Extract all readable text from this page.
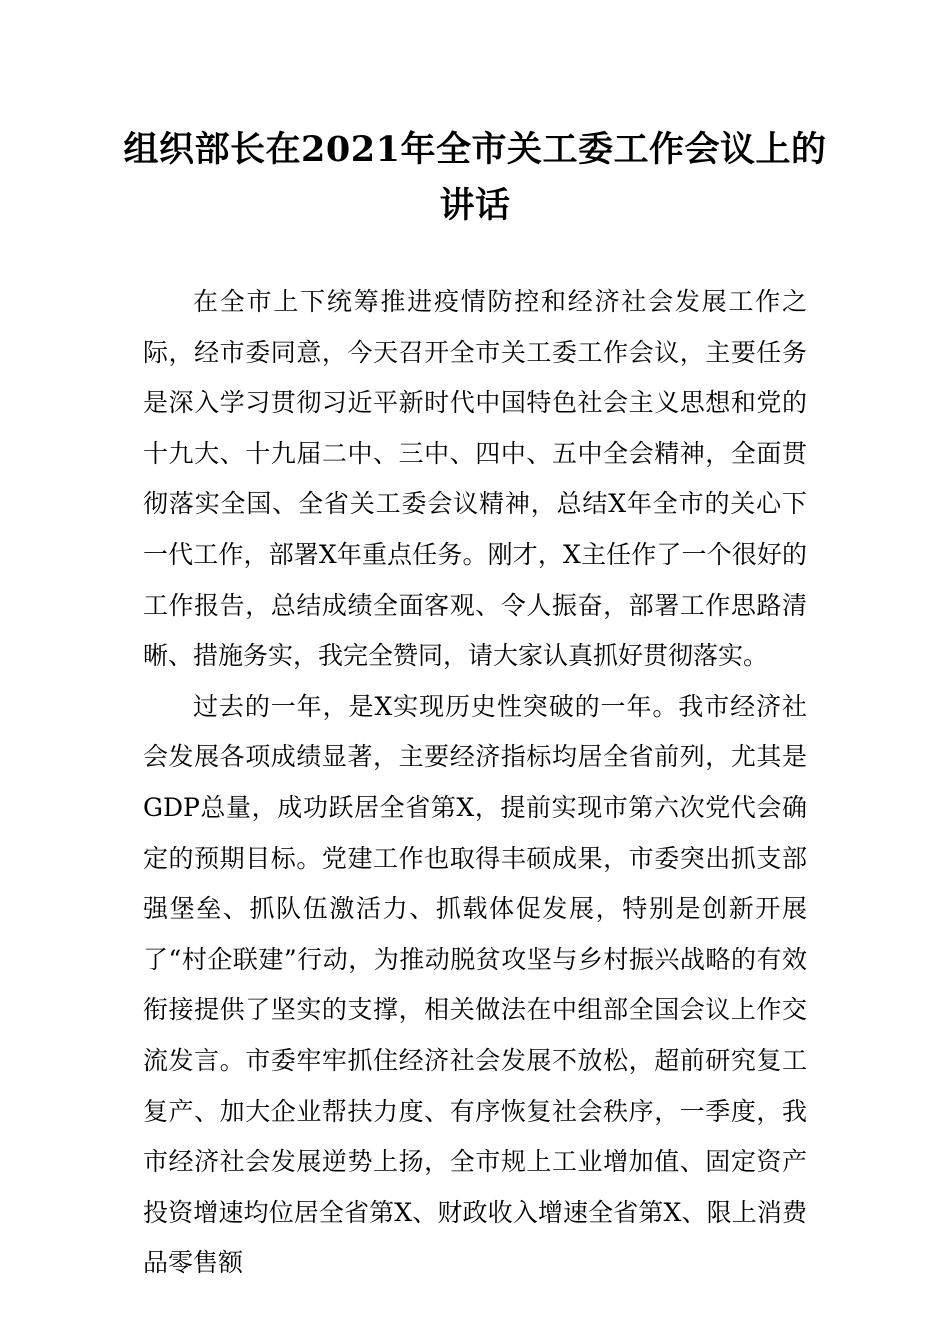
组织部长在2021年全市关工委工作会议上的讲话

在全市上下统筹推进疫情防控和经济社会发展工作之际，经市委同意，今天召开全市关工委工作会议，主要任务是深入学习贯彻习近平新时代中国特色社会主义思想和党的十九大、十九届二中、三中、四中、五中全会精神，全面贯彻落实全国、全省关工委会议精神，总结X年全市的关心下一代工作，部署X年重点任务。刚才，X主任作了一个很好的工作报告，总结成绩全面客观、令人振奋，部署工作思路清晰、措施务实，我完全赞同，请大家认真抓好贯彻落实。

过去的一年，是X实现历史性突破的一年。我市经济社会发展各项成绩显著，主要经济指标均居全省前列，尤其是GDP总量，成功跃居全省第X，提前实现市第六次党代会确定的预期目标。党建工作也取得丰硕成果，市委突出抓支部强堡垒、抓队伍激活力、抓载体促发展，特别是创新开展了“村企联建”行动，为推动脱贫攻坚与乡村振兴战略的有效衔接提供了坚实的支撑，相关做法在中组部全国会议上作交流发言。市委牢牢抓住经济社会发展不放松，超前研究复工复产、加大企业帮扶力度、有序恢复社会秩序，一季度，我市经济社会发展逆势上扬，全市规上工业增加值、固定资产投资增速均位居全省第X、财政收入增速全省第X、限上消费品零售额
